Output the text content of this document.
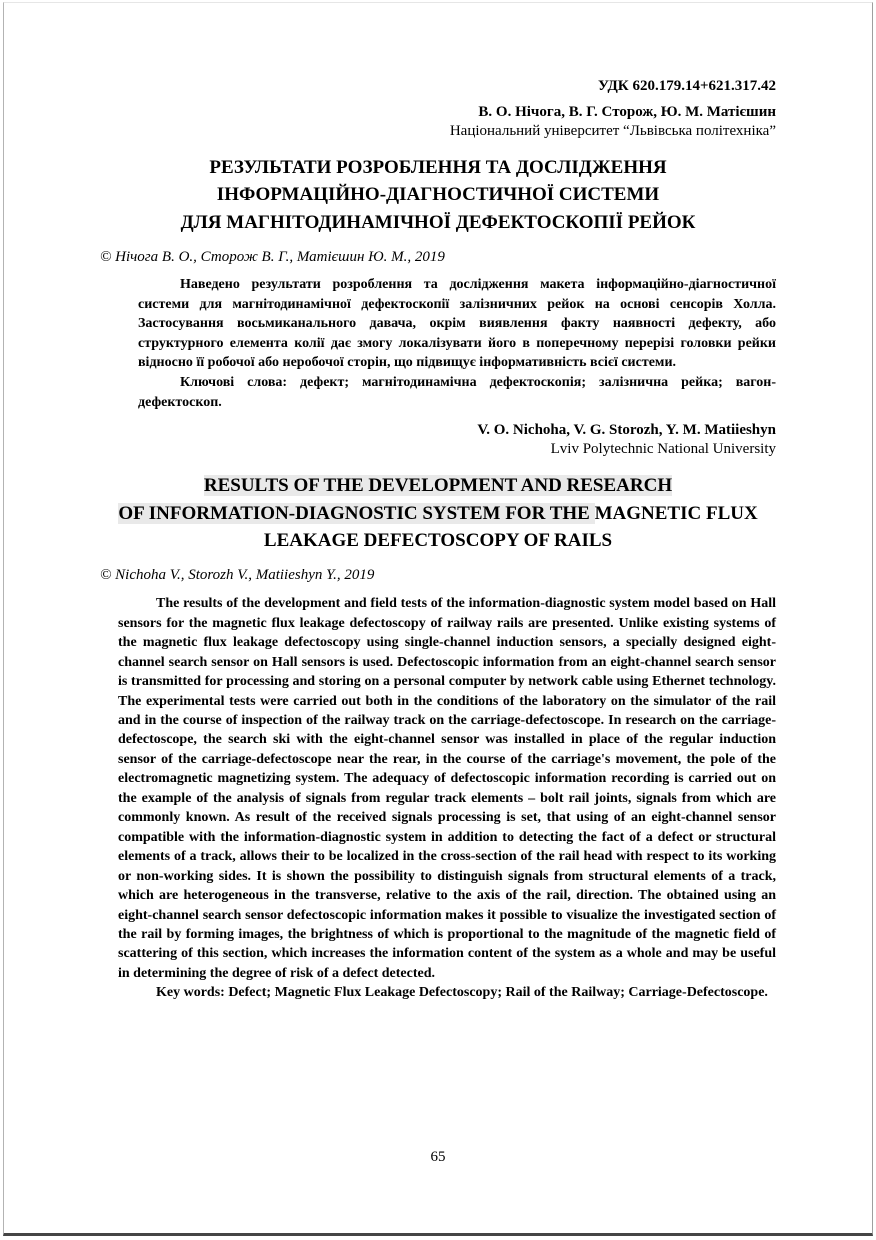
УДК 620.179.14+621.317.42
В. О. Нічога, В. Г. Сторож, Ю. М. Матієшин
Національний університет “Львівська політехніка”
РЕЗУЛЬТАТИ РОЗРОБЛЕННЯ ТА ДОСЛІДЖЕННЯ
ІНФОРМАЦІЙНО-ДІАГНОСТИЧНОЇ СИСТЕМИ
ДЛЯ МАГНІТОДИНАМІЧНОЇ ДЕФЕКТОСКОПІЇ РЕЙОК
© Нічога В. О., Сторож В. Г., Матієшин Ю. М., 2019

Наведено результати розроблення та дослідження макета інформаційно-діагностичної системи для магнітодинамічної дефектоскопії залізничних рейок на основі сенсорів Холла. Застосування восьмиканального давача, окрім виявлення факту наявності дефекту, або структурного елемента колії дає змогу локалізувати його в поперечному перерізі головки рейки відносно її робочої або неробочої сторін, що підвищує інформативність всієї системи.

Ключові слова: дефект; магнітодинамічна дефектоскопія; залізнична рейка; вагон-дефектоскоп.

V. O. Nichoha, V. G. Storozh, Y. M. Matiieshyn
Lviv Polytechnic National University
RESULTS OF THE DEVELOPMENT AND RESEARCH
OF INFORMATION-DIAGNOSTIC SYSTEM FOR THE MAGNETIC FLUX
LEAKAGE DEFECTOSCOPY OF RAILS
© Nichoha V., Storozh V., Matiieshyn Y., 2019

The results of the development and field tests of the information-diagnostic system model based on Hall sensors for the magnetic flux leakage defectoscopy of railway rails are presented. Unlike existing systems of the magnetic flux leakage defectoscopy using single-channel induction sensors, a specially designed eight-channel search sensor on Hall sensors is used. Defectoscopic information from an eight-channel search sensor is transmitted for processing and storing on a personal computer by network cable using Ethernet technology. The experimental tests were carried out both in the conditions of the laboratory on the simulator of the rail and in the course of inspection of the railway track on the carriage-defectoscope. In research on the carriage-defectoscope, the search ski with the eight-channel sensor was installed in place of the regular induction sensor of the carriage-defectoscope near the rear, in the course of the carriage's movement, the pole of the electromagnetic magnetizing system. The adequacy of defectoscopic information recording is carried out on the example of the analysis of signals from regular track elements – bolt rail joints, signals from which are commonly known. As result of the received signals processing is set, that using of an eight-channel sensor compatible with the information-diagnostic system in addition to detecting the fact of a defect or structural elements of a track, allows their to be localized in the cross-section of the rail head with respect to its working or non-working sides. It is shown the possibility to distinguish signals from structural elements of a track, which are heterogeneous in the transverse, relative to the axis of the rail, direction. The obtained using an eight-channel search sensor defectoscopic information makes it possible to visualize the investigated section of the rail by forming images, the brightness of which is proportional to the magnitude of the magnetic field of scattering of this section, which increases the information content of the system as a whole and may be useful in determining the degree of risk of a defect detected.

Key words: Defect; Magnetic Flux Leakage Defectoscopy; Rail of the Railway; Carriage-Defectoscope.

65
